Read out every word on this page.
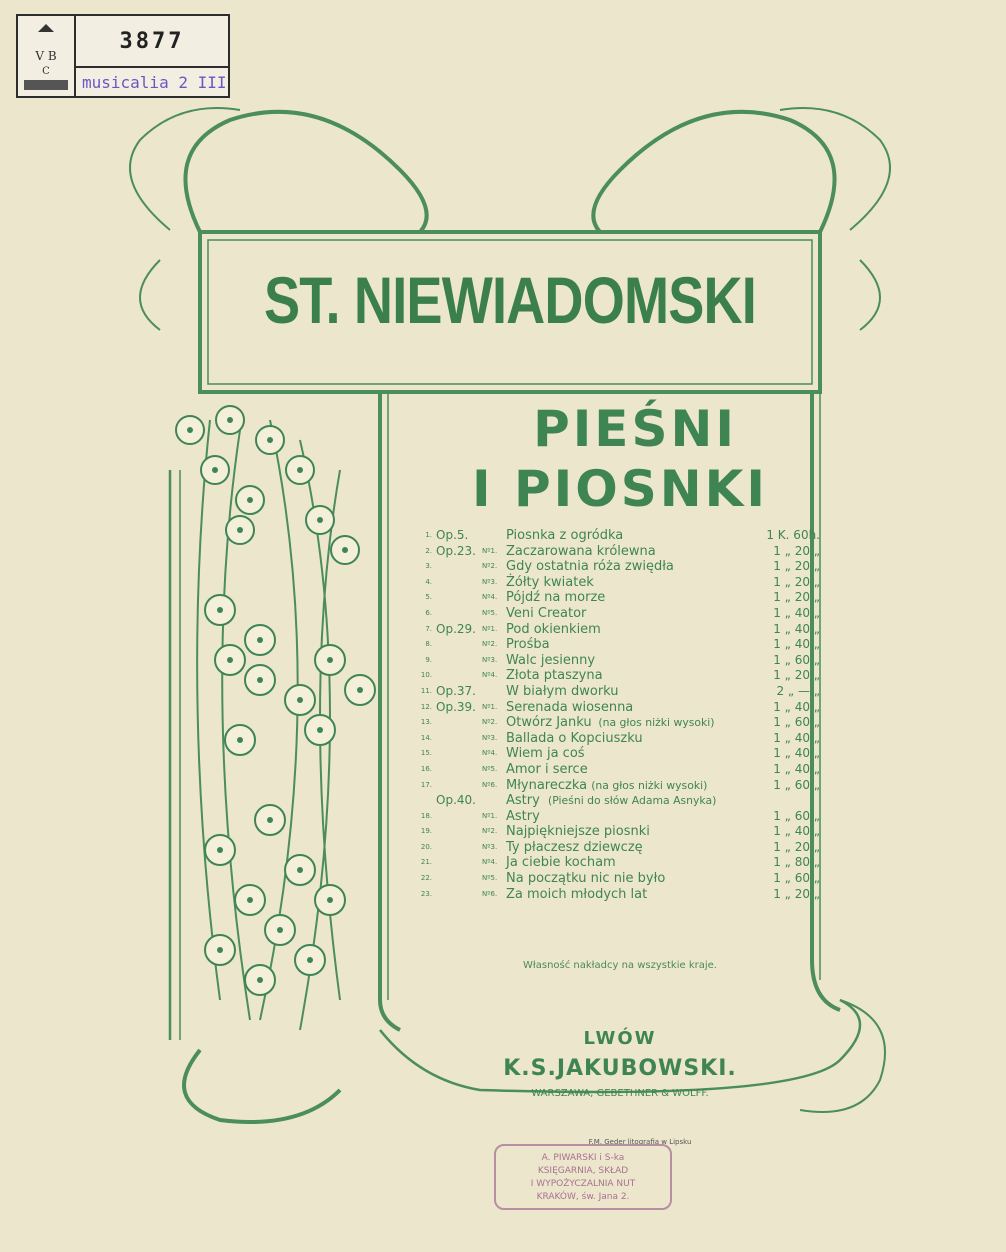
V B
C
3877
musicalia 2 III
ST. NIEWIADOMSKI
PIEŚNI
I PIOSNKI
1. Op.5.	Piosnka z ogródka	1 K. 60h.
2. Op.23. Nº1. Zaczarowana królewna	1 „ 20 „
3.	Nº2. Gdy ostatnia róża zwiędła	1 „ 20 „
4.	Nº3. Żółty kwiatek	1 „ 20 „
5.	Nº4. Pójdź na morze	1 „ 20 „
6.	Nº5. Veni Creator	1 „ 40 „
7. Op.29. Nº1. Pod okienkiem	1 „ 40 „
8.	Nº2. Prośba	1 „ 40 „
9.	Nº3. Walc jesienny	1 „ 60 „
10.	Nº4. Złota ptaszyna	1 „ 20 „
11. Op.37. W białym dworku	2 „ — „
12. Op.39. Nº1. Serenada wiosenna	1 „ 40 „
13.	Nº2. Otwórz Janku (na głos niżki wysoki)	1 „ 60 „
14.	Nº3. Ballada o Kopciuszku	1 „ 40 „
15.	Nº4. Wiem ja coś	1 „ 40 „
16.	Nº5. Amor i serce	1 „ 40 „
17.	Nº6. Młynareczka (na głos niżki wysoki)	1 „ 60 „
Op.40. Astry (Pieśni do słów Adama Asnyka)
18.	Nº1. Astry	1 „ 60 „
19.	Nº2. Najpiękniejsze piosnki	1 „ 40 „
20.	Nº3. Ty płaczesz dziewczę	1 „ 20 „
21.	Nº4. Ja ciebie kocham	1 „ 80 „
22.	Nº5. Na początku nic nie było	1 „ 60 „
23.	Nº6. Za moich młodych lat	1 „ 20 „
Własność nakładcy na wszystkie kraje.
LWÓW
K.S.JAKUBOWSKI.
WARSZAWA, GEBETHNER & WOLFF.
F.M. Geder litografia w Lipsku
A. PIWARSKI i S-ka
KSIĘGARNIA, SKŁAD
I WYPOŻYCZALNIA NUT
KRAKÓW, św. Jana 2.
